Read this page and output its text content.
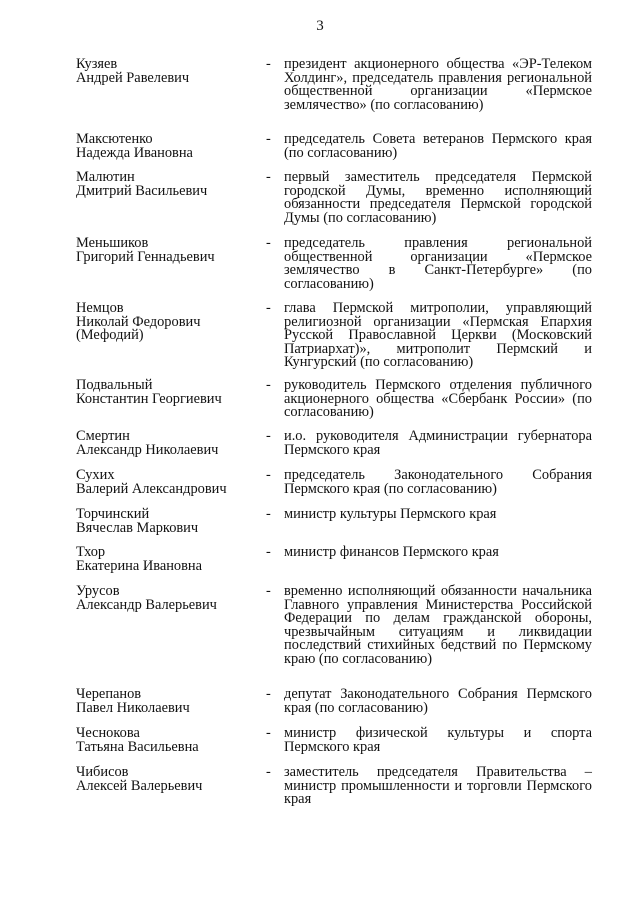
3
Кузяев
Андрей Равелевич
- президент акционерного общества «ЭР-Телеком Холдинг», председатель правления региональной общественной организации «Пермское землячество» (по согласованию)
Максютенко
Надежда Ивановна
- председатель Совета ветеранов Пермского края (по согласованию)
Малютин
Дмитрий Васильевич
- первый заместитель председателя Пермской городской Думы, временно исполняющий обязанности председателя Пермской городской Думы (по согласованию)
Меньшиков
Григорий Геннадьевич
- председатель правления региональной общественной организации «Пермское землячество в Санкт-Петербурге» (по согласованию)
Немцов
Николай Федорович
(Мефодий)
- глава Пермской митрополии, управляющий религиозной организации «Пермская Епархия Русской Православной Церкви (Московский Патриархат)», митрополит Пермский и Кунгурский (по согласованию)
Подвальный
Константин Георгиевич
- руководитель Пермского отделения публичного акционерного общества «Сбербанк России» (по согласованию)
Смертин
Александр Николаевич
- и.о. руководителя Администрации губернатора Пермского края
Сухих
Валерий Александрович
- председатель Законодательного Собрания Пермского края (по согласованию)
Торчинский
Вячеслав Маркович
- министр культуры Пермского края
Тхор
Екатерина Ивановна
- министр финансов Пермского края
Урусов
Александр Валерьевич
- временно исполняющий обязанности начальника Главного управления Министерства Российской Федерации по делам гражданской обороны, чрезвычайным ситуациям и ликвидации последствий стихийных бедствий по Пермскому краю (по согласованию)
Черепанов
Павел Николаевич
- депутат Законодательного Собрания Пермского края (по согласованию)
Чеснокова
Татьяна Васильевна
- министр физической культуры и спорта Пермского края
Чибисов
Алексей Валерьевич
- заместитель председателя Правительства – министр промышленности и торговли Пермского края
